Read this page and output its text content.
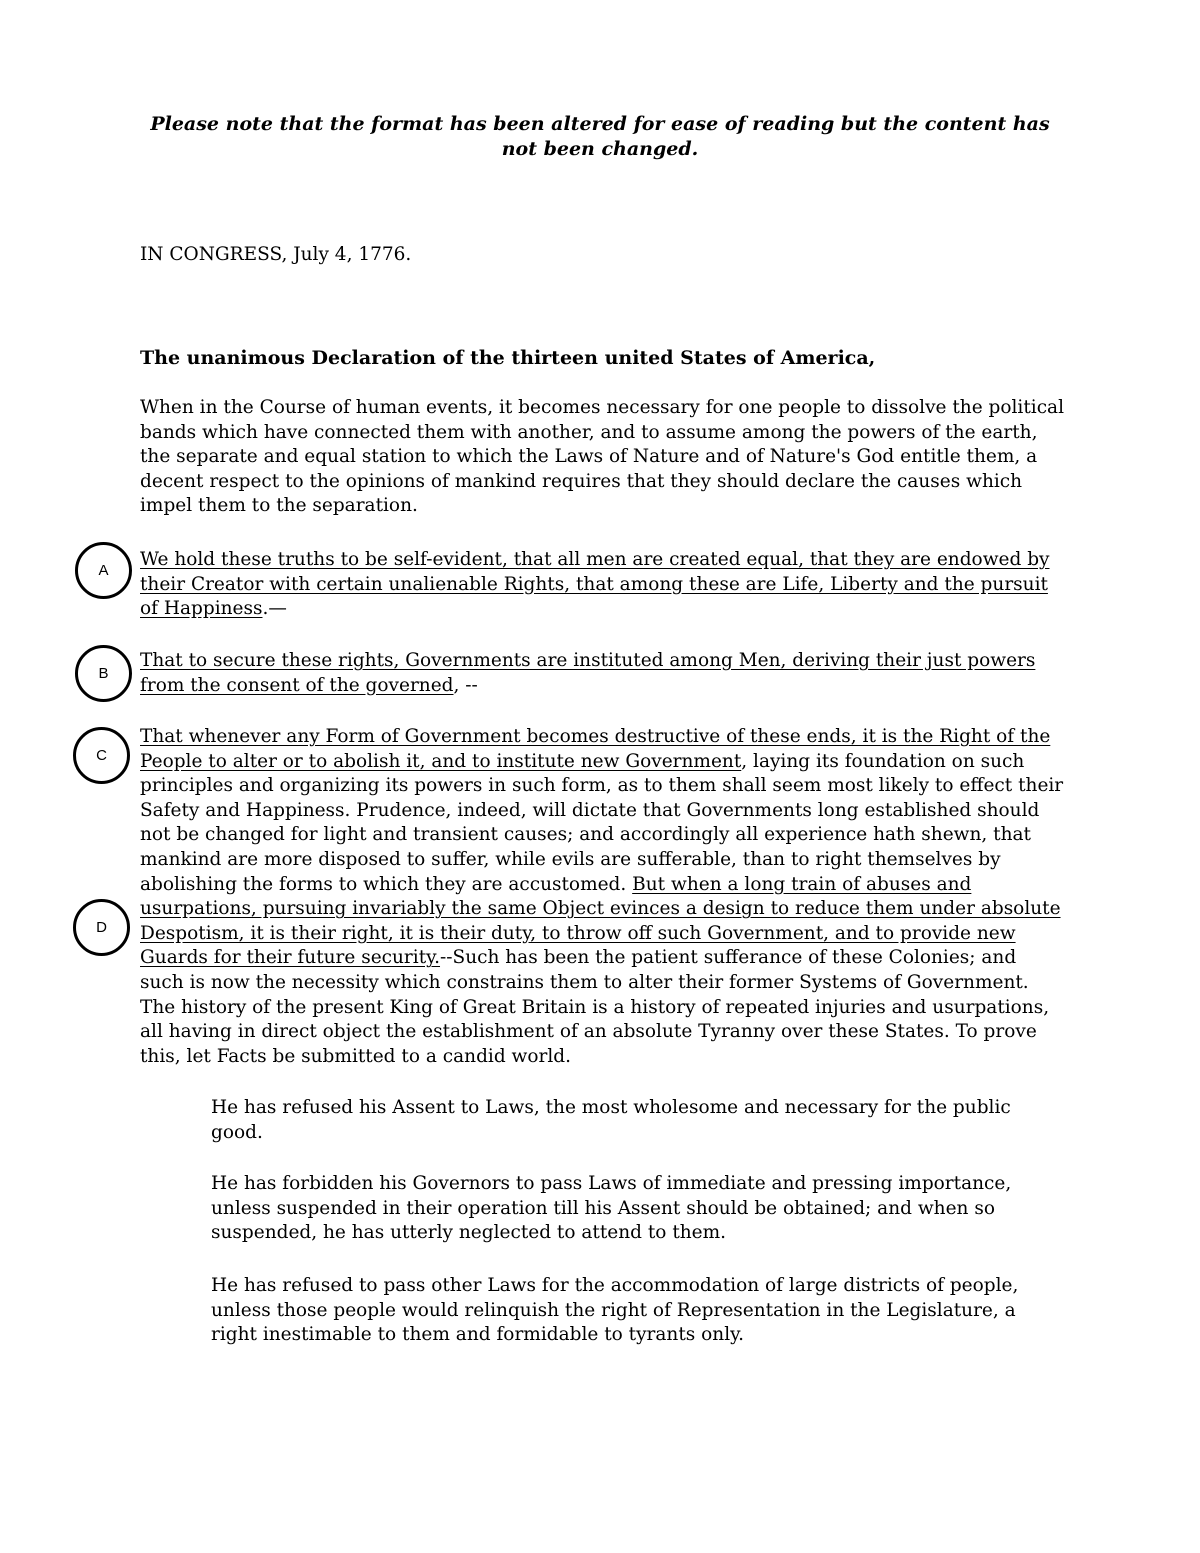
Please note that the format has been altered for ease of reading but the content has not been changed.
IN CONGRESS, July 4, 1776.
The unanimous Declaration of the thirteen united States of America,
When in the Course of human events, it becomes necessary for one people to dissolve the political bands which have connected them with another, and to assume among the powers of the earth, the separate and equal station to which the Laws of Nature and of Nature's God entitle them, a decent respect to the opinions of mankind requires that they should declare the causes which impel them to the separation.
A
We hold these truths to be self-evident, that all men are created equal, that they are endowed by their Creator with certain unalienable Rights, that among these are Life, Liberty and the pursuit of Happiness.—
B
That to secure these rights, Governments are instituted among Men, deriving their just powers from the consent of the governed, --
C
D
That whenever any Form of Government becomes destructive of these ends, it is the Right of the People to alter or to abolish it, and to institute new Government, laying its foundation on such principles and organizing its powers in such form, as to them shall seem most likely to effect their Safety and Happiness. Prudence, indeed, will dictate that Governments long established should not be changed for light and transient causes; and accordingly all experience hath shewn, that mankind are more disposed to suffer, while evils are sufferable, than to right themselves by abolishing the forms to which they are accustomed. But when a long train of abuses and usurpations, pursuing invariably the same Object evinces a design to reduce them under absolute Despotism, it is their right, it is their duty, to throw off such Government, and to provide new Guards for their future security.--Such has been the patient sufferance of these Colonies; and such is now the necessity which constrains them to alter their former Systems of Government. The history of the present King of Great Britain is a history of repeated injuries and usurpations, all having in direct object the establishment of an absolute Tyranny over these States. To prove this, let Facts be submitted to a candid world.
He has refused his Assent to Laws, the most wholesome and necessary for the public good.
He has forbidden his Governors to pass Laws of immediate and pressing importance, unless suspended in their operation till his Assent should be obtained; and when so suspended, he has utterly neglected to attend to them.
He has refused to pass other Laws for the accommodation of large districts of people, unless those people would relinquish the right of Representation in the Legislature, a right inestimable to them and formidable to tyrants only.
